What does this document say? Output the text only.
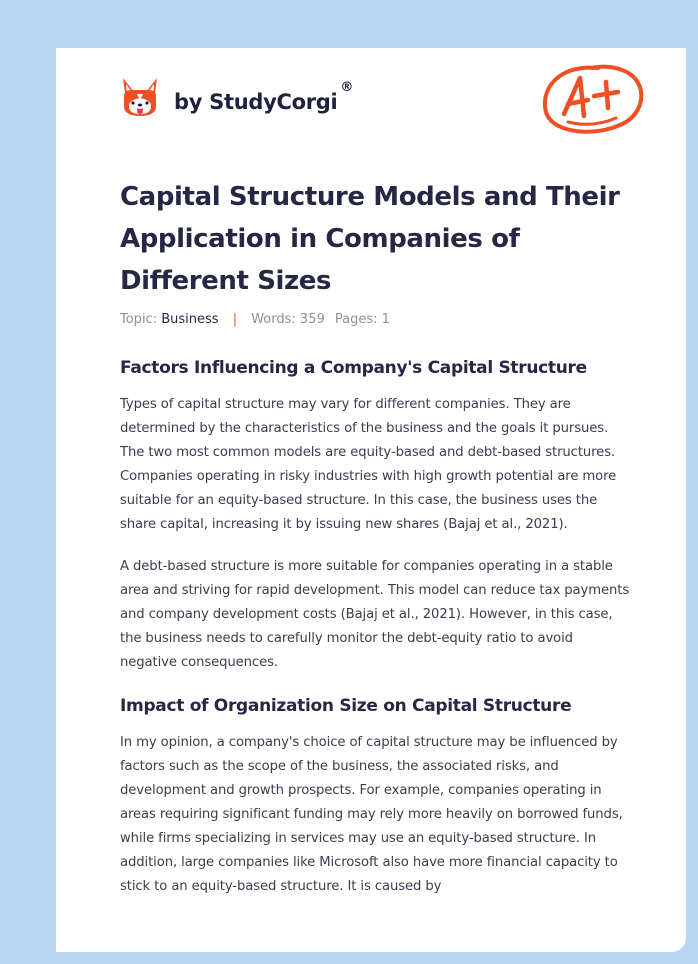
by StudyCorgi®
Capital Structure Models and Their Application in Companies of Different Sizes
Topic: Business | Words: 359 Pages: 1
Factors Influencing a Company's Capital Structure

Types of capital structure may vary for different companies. They are determined by the characteristics of the business and the goals it pursues. The two most common models are equity-based and debt-based structures. Companies operating in risky industries with high growth potential are more suitable for an equity-based structure. In this case, the business uses the share capital, increasing it by issuing new shares (Bajaj et al., 2021).

A debt-based structure is more suitable for companies operating in a stable area and striving for rapid development. This model can reduce tax payments and company development costs (Bajaj et al., 2021). However, in this case, the business needs to carefully monitor the debt-equity ratio to avoid negative consequences.

Impact of Organization Size on Capital Structure

In my opinion, a company's choice of capital structure may be influenced by factors such as the scope of the business, the associated risks, and development and growth prospects. For example, companies operating in areas requiring significant funding may rely more heavily on borrowed funds, while firms specializing in services may use an equity-based structure. In addition, large companies like Microsoft also have more financial capacity to stick to an equity-based structure. It is caused by
